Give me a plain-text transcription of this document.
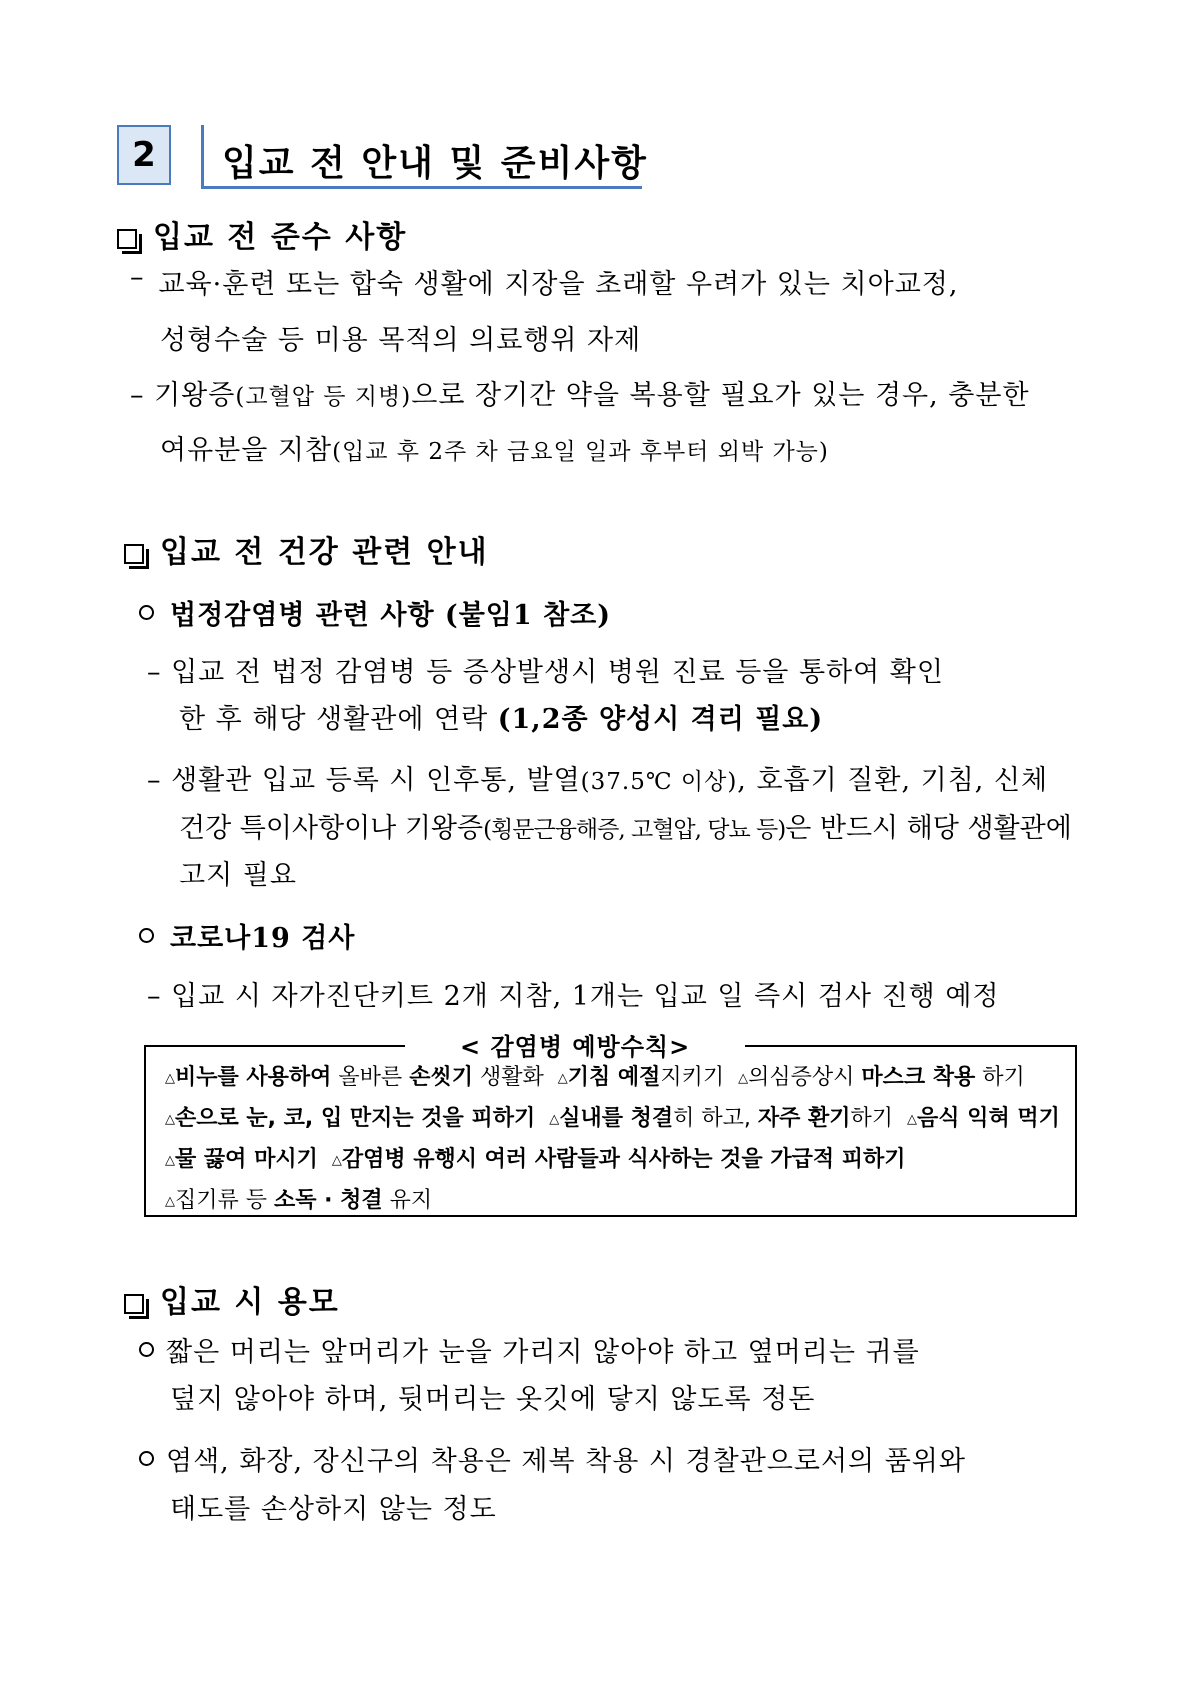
2	입교 전 안내 및 준비사항
입교 전 준수 사항
– 교육·훈련 또는 합숙 생활에 지장을 초래할 우려가 있는 치아교정,
성형수술 등 미용 목적의 의료행위 자제
– 기왕증(고혈압 등 지병)으로 장기간 약을 복용할 필요가 있는 경우, 충분한
여유분을 지참(입교 후 2주 차 금요일 일과 후부터 외박 가능)
입교 전 건강 관련 안내
법정감염병 관련 사항 (붙임1 참조)
– 입교 전 법정 감염병 등 증상발생시 병원 진료 등을 통하여 확인
한 후 해당 생활관에 연락 (1,2종 양성시 격리 필요)
– 생활관 입교 등록 시 인후통, 발열(37.5℃ 이상), 호흡기 질환, 기침, 신체
건강 특이사항이나 기왕증(횡문근융해증, 고혈압, 당뇨 등)은 반드시 해당 생활관에
고지 필요
코로나19 검사
– 입교 시 자가진단키트 2개 지참, 1개는 입교 일 즉시 검사 진행 예정
< 감염병 예방수칙>
△비누를 사용하여 올바른 손씻기 생활화  △기침 예절지키기  △의심증상시 마스크 착용 하기
△손으로 눈, 코, 입 만지는 것을 피하기 △실내를 청결히 하고, 자주 환기하기  △음식 익혀 먹기
△물 끓여 마시기 △감염병 유행시 여러 사람들과 식사하는 것을 가급적 피하기
△집기류 등 소독 · 청결 유지
입교 시 용모
짧은 머리는 앞머리가 눈을 가리지 않아야 하고 옆머리는 귀를
덮지 않아야 하며, 뒷머리는 옷깃에 닿지 않도록 정돈
염색, 화장, 장신구의 착용은 제복 착용 시 경찰관으로서의 품위와
태도를 손상하지 않는 정도
